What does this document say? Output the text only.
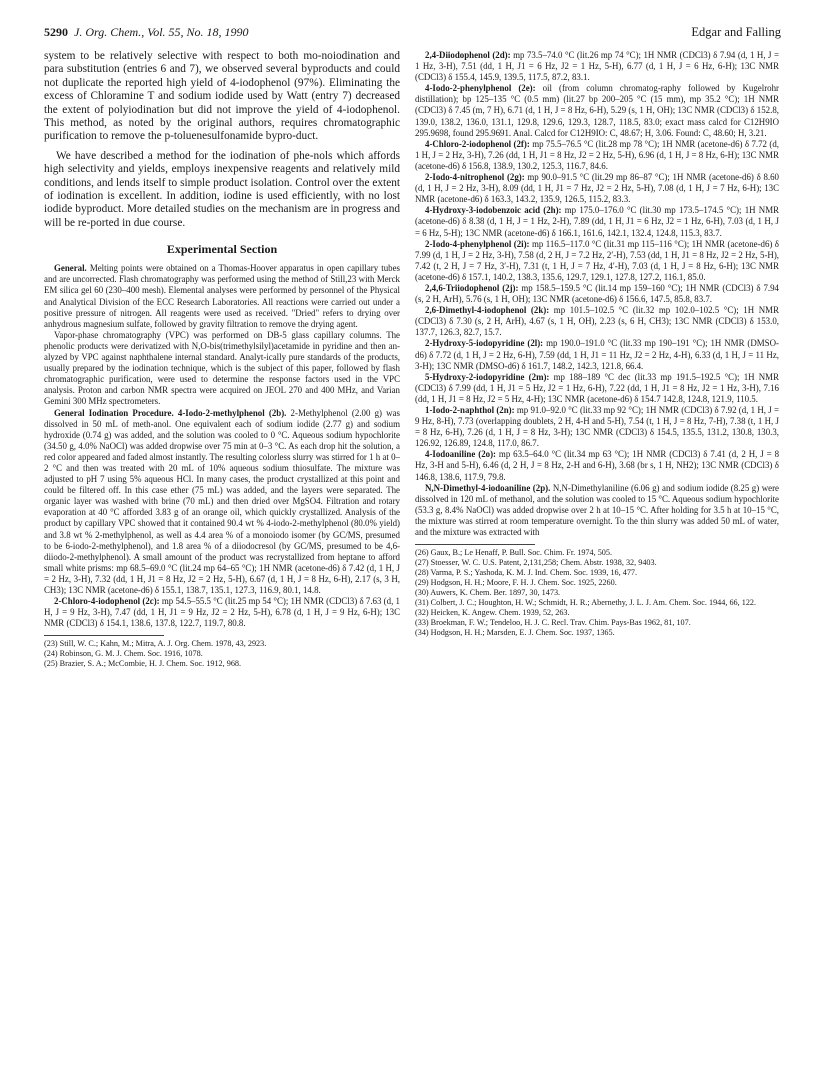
5290 J. Org. Chem., Vol. 55, No. 18, 1990	Edgar and Falling

system to be relatively selective with respect to both mo-noiodination and para substitution (entries 6 and 7), we observed several byproducts and could not duplicate the reported high yield of 4-iodophenol (97%). Eliminating the excess of Chloramine T and sodium iodide used by Watt (entry 7) decreased the extent of polyiodination but did not improve the yield of 4-iodophenol. This method, as noted by the original authors, requires chromatographic purification to remove the p-toluenesulfonamide bypro-duct.

We have described a method for the iodination of phe-nols which affords high selectivity and yields, employs inexpensive reagents and relatively mild conditions, and lends itself to simple product isolation. Control over the extent of iodination is excellent. In addition, iodine is used efficiently, with no lost iodide byproduct. More detailed studies on the mechanism are in progress and will be re-ported in due course.

Experimental Section

General. Melting points were obtained on a Thomas-Hoover apparatus in open capillary tubes and are uncorrected. Flash chromatography was performed using the method of Still,23 with Merck EM silica gel 60 (230–400 mesh). Elemental analyses were performed by personnel of the Physical and Analytical Division of the ECC Research Laboratories. All reactions were carried out under a positive pressure of nitrogen. All reagents were used as received. "Dried" refers to drying over anhydrous magnesium sulfate, followed by gravity filtration to remove the drying agent.

Vapor-phase chromatography (VPC) was performed on DB-5 glass capillary columns. The phenolic products were derivatized with N,O-bis(trimethylsilyl)acetamide in pyridine and then an-alyzed by VPC against naphthalene internal standard. Analyt-ically pure standards of the products, usually prepared by the iodination technique, which is the subject of this paper, followed by flash chromatographic purification, were used to determine the response factors used in the VPC analysis. Proton and carbon NMR spectra were acquired on JEOL 270 and 400 MHz, and Varian Gemini 300 MHz spectrometers.

General Iodination Procedure. 4-Iodo-2-methylphenol (2b). 2-Methylphenol (2.00 g) was dissolved in 50 mL of meth-anol. One equivalent each of sodium iodide (2.77 g) and sodium hydroxide (0.74 g) was added, and the solution was cooled to 0 °C. Aqueous sodium hypochlorite (34.50 g, 4.0% NaOCl) was added dropwise over 75 min at 0–3 °C. As each drop hit the solution, a red color appeared and faded almost instantly. The resulting colorless slurry was stirred for 1 h at 0–2 °C and then was treated with 20 mL of 10% aqueous sodium thiosulfate. The mixture was adjusted to pH 7 using 5% aqueous HCl. In many cases, the product crystallized at this point and could be filtered off. In this case ether (75 mL) was added, and the layers were separated. The organic layer was washed with brine (70 mL) and then dried over MgSO4. Filtration and rotary evaporation at 40 °C afforded 3.83 g of an orange oil, which quickly crystallized. Analysis of the product by capillary VPC showed that it contained 90.4 wt % 4-iodo-2-methylphenol (80.0% yield) and 3.8 wt % 2-methylphenol, as well as 4.4 area % of a monoiodo isomer (by GC/MS, presumed to be 6-iodo-2-methylphenol), and 1.8 area % of a diiodocresol (by GC/MS, presumed to be 4,6-diiodo-2-methylphenol). A small amount of the product was recrystallized from heptane to afford small white prisms: mp 68.5–69.0 °C (lit.24 mp 64–65 °C); 1H NMR (acetone-d6) δ 7.42 (d, 1 H, J = 2 Hz, 3-H), 7.32 (dd, 1 H, J1 = 8 Hz, J2 = 2 Hz, 5-H), 6.67 (d, 1 H, J = 8 Hz, 6-H), 2.17 (s, 3 H, CH3); 13C NMR (acetone-d6) δ 155.1, 138.7, 135.1, 127.3, 116.9, 80.1, 14.8.

2-Chloro-4-iodophenol (2c): mp 54.5–55.5 °C (lit.25 mp 54 °C); 1H NMR (CDCl3) δ 7.63 (d, 1 H, J = 9 Hz, 3-H), 7.47 (dd, 1 H, J1 = 9 Hz, J2 = 2 Hz, 5-H), 6.78 (d, 1 H, J = 9 Hz, 6-H); 13C NMR (CDCl3) δ 154.1, 138.6, 137.8, 122.7, 119.7, 80.8.

(23) Still, W. C.; Kahn, M.; Mitra, A. J. Org. Chem. 1978, 43, 2923.

(24) Robinson, G. M. J. Chem. Soc. 1916, 1078.

(25) Brazier, S. A.; McCombie, H. J. Chem. Soc. 1912, 968.

2,4-Diiodophenol (2d): mp 73.5–74.0 °C (lit.26 mp 74 °C); 1H NMR (CDCl3) δ 7.94 (d, 1 H, J = 1 Hz, 3-H), 7.51 (dd, 1 H, J1 = 6 Hz, J2 = 1 Hz, 5-H), 6.77 (d, 1 H, J = 6 Hz, 6-H); 13C NMR (CDCl3) δ 155.4, 145.9, 139.5, 117.5, 87.2, 83.1.

4-Iodo-2-phenylphenol (2e): oil (from column chromatog-raphy followed by Kugelrohr distillation); bp 125–135 °C (0.5 mm) (lit.27 bp 200–205 °C (15 mm), mp 35.2 °C); 1H NMR (CDCl3) δ 7.45 (m, 7 H), 6.71 (d, 1 H, J = 8 Hz, 6-H), 5.29 (s, 1 H, OH); 13C NMR (CDCl3) δ 152.8, 139.0, 138.2, 136.0, 131.1, 129.8, 129.6, 129.3, 128.7, 118.5, 83.0; exact mass calcd for C12H9IO 295.9698, found 295.9691. Anal. Calcd for C12H9IO: C, 48.67; H, 3.06. Found: C, 48.60; H, 3.21.

4-Chloro-2-iodophenol (2f): mp 75.5–76.5 °C (lit.28 mp 78 °C); 1H NMR (acetone-d6) δ 7.72 (d, 1 H, J = 2 Hz, 3-H), 7.26 (dd, 1 H, J1 = 8 Hz, J2 = 2 Hz, 5-H), 6.96 (d, 1 H, J = 8 Hz, 6-H); 13C NMR (acetone-d6) δ 156.8, 138.9, 130.2, 125.3, 116.7, 84.6.

2-Iodo-4-nitrophenol (2g): mp 90.0–91.5 °C (lit.29 mp 86–87 °C); 1H NMR (acetone-d6) δ 8.60 (d, 1 H, J = 2 Hz, 3-H), 8.09 (dd, 1 H, J1 = 7 Hz, J2 = 2 Hz, 5-H), 7.08 (d, 1 H, J = 7 Hz, 6-H); 13C NMR (acetone-d6) δ 163.3, 143.2, 135.9, 126.5, 115.2, 83.3.

4-Hydroxy-3-iodobenzoic acid (2h): mp 175.0–176.0 °C (lit.30 mp 173.5–174.5 °C); 1H NMR (acetone-d6) δ 8.38 (d, 1 H, J = 1 Hz, 2-H), 7.89 (dd, 1 H, J1 = 6 Hz, J2 = 1 Hz, 6-H), 7.03 (d, 1 H, J = 6 Hz, 5-H); 13C NMR (acetone-d6) δ 166.1, 161.6, 142.1, 132.4, 124.8, 115.3, 83.7.

2-Iodo-4-phenylphenol (2i): mp 116.5–117.0 °C (lit.31 mp 115–116 °C); 1H NMR (acetone-d6) δ 7.99 (d, 1 H, J = 2 Hz, 3-H), 7.58 (d, 2 H, J = 7.2 Hz, 2′-H), 7.53 (dd, 1 H, J1 = 8 Hz, J2 = 2 Hz, 5-H), 7.42 (t, 2 H, J = 7 Hz, 3′-H), 7.31 (t, 1 H, J = 7 Hz, 4′-H), 7.03 (d, 1 H, J = 8 Hz, 6-H); 13C NMR (acetone-d6) δ 157.1, 140.2, 138.3, 135.6, 129.7, 129.1, 127.8, 127.2, 116.1, 85.0.

2,4,6-Triiodophenol (2j): mp 158.5–159.5 °C (lit.14 mp 159–160 °C); 1H NMR (CDCl3) δ 7.94 (s, 2 H, ArH), 5.76 (s, 1 H, OH); 13C NMR (acetone-d6) δ 156.6, 147.5, 85.8, 83.7.

2,6-Dimethyl-4-iodophenol (2k): mp 101.5–102.5 °C (lit.32 mp 102.0–102.5 °C); 1H NMR (CDCl3) δ 7.30 (s, 2 H, ArH), 4.67 (s, 1 H, OH), 2.23 (s, 6 H, CH3); 13C NMR (CDCl3) δ 153.0, 137.7, 126.3, 82.7, 15.7.

2-Hydroxy-5-iodopyridine (2l): mp 190.0–191.0 °C (lit.33 mp 190–191 °C); 1H NMR (DMSO-d6) δ 7.72 (d, 1 H, J = 2 Hz, 6-H), 7.59 (dd, 1 H, J1 = 11 Hz, J2 = 2 Hz, 4-H), 6.33 (d, 1 H, J = 11 Hz, 3-H); 13C NMR (DMSO-d6) δ 161.7, 148.2, 142.3, 121.8, 66.4.

5-Hydroxy-2-iodopyridine (2m): mp 188–189 °C dec (lit.33 mp 191.5–192.5 °C); 1H NMR (CDCl3) δ 7.99 (dd, 1 H, J1 = 5 Hz, J2 = 1 Hz, 6-H), 7.22 (dd, 1 H, J1 = 8 Hz, J2 = 1 Hz, 3-H), 7.16 (dd, 1 H, J1 = 8 Hz, J2 = 5 Hz, 4-H); 13C NMR (acetone-d6) δ 154.7 142.8, 124.8, 121.9, 110.5.

1-Iodo-2-naphthol (2n): mp 91.0–92.0 °C (lit.33 mp 92 °C); 1H NMR (CDCl3) δ 7.92 (d, 1 H, J = 9 Hz, 8-H), 7.73 (overlapping doublets, 2 H, 4-H and 5-H), 7.54 (t, 1 H, J = 8 Hz, 7-H), 7.38 (t, 1 H, J = 8 Hz, 6-H), 7.26 (d, 1 H, J = 8 Hz, 3-H); 13C NMR (CDCl3) δ 154.5, 135.5, 131.2, 130.8, 130.3, 126.92, 126.89, 124.8, 117.0, 86.7.

4-Iodoaniline (2o): mp 63.5–64.0 °C (lit.34 mp 63 °C); 1H NMR (CDCl3) δ 7.41 (d, 2 H, J = 8 Hz, 3-H and 5-H), 6.46 (d, 2 H, J = 8 Hz, 2-H and 6-H), 3.68 (br s, 1 H, NH2); 13C NMR (CDCl3) δ 146.8, 138.6, 117.9, 79.8.

N,N-Dimethyl-4-iodoaniline (2p). N,N-Dimethylaniline (6.06 g) and sodium iodide (8.25 g) were dissolved in 120 mL of methanol, and the solution was cooled to 15 °C. Aqueous sodium hypochlorite (53.3 g, 8.4% NaOCl) was added dropwise over 2 h at 10–15 °C. After holding for 3.5 h at 10–15 °C, the mixture was stirred at room temperature overnight. To the thin slurry was added 50 mL of water, and the mixture was extracted with

(26) Gaux, B.; Le Henaff, P. Bull. Soc. Chim. Fr. 1974, 505.

(27) Stoesser, W. C. U.S. Patent, 2,131,258; Chem. Abstr. 1938, 32, 9403.

(28) Varma, P. S.; Yashoda, K. M. J. Ind. Chem. Soc. 1939, 16, 477.

(29) Hodgson, H. H.; Moore, F. H. J. Chem. Soc. 1925, 2260.

(30) Auwers, K. Chem. Ber. 1897, 30, 1473.

(31) Colbert, J. C.; Houghton, H. W.; Schmidt, H. R.; Abernethy, J. L. J. Am. Chem. Soc. 1944, 66, 122.

(32) Heicken, K. Angew. Chem. 1939, 52, 263.

(33) Broekman, F. W.; Tendeloo, H. J. C. Recl. Trav. Chim. Pays-Bas 1962, 81, 107.

(34) Hodgson, H. H.; Marsden, E. J. Chem. Soc. 1937, 1365.
